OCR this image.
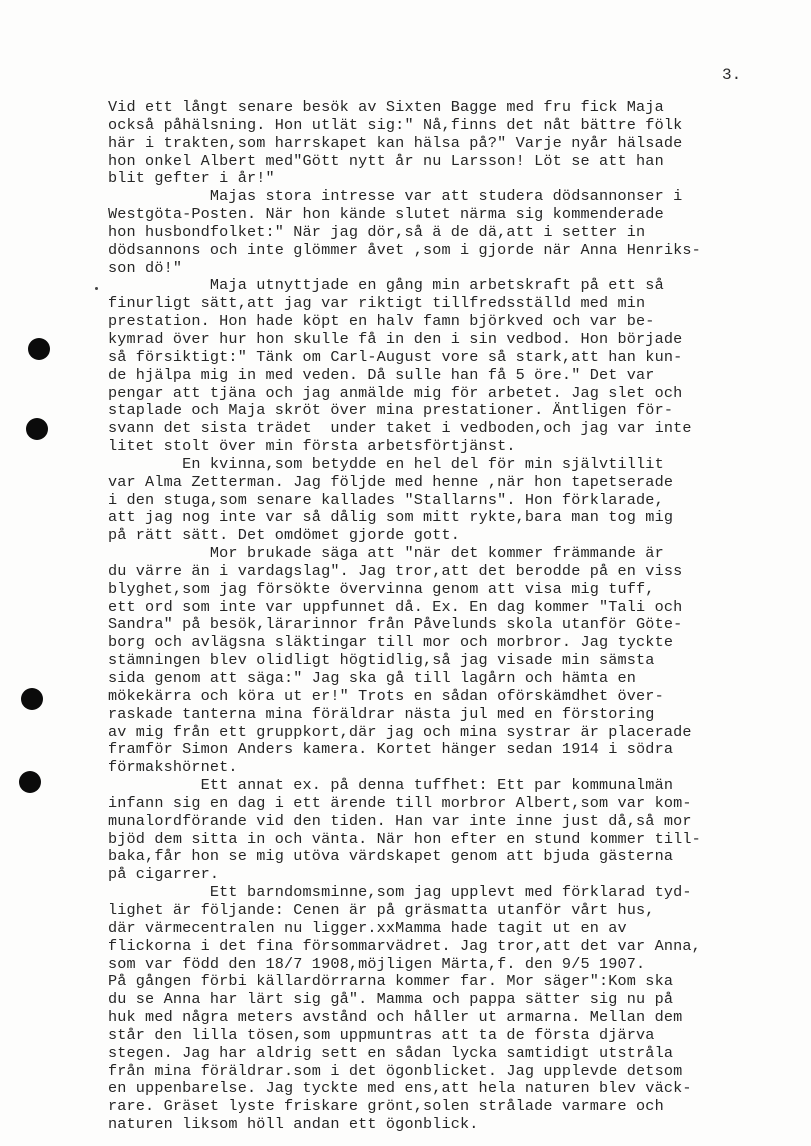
3.
Vid ett långt senare besök av Sixten Bagge med fru fick Maja
också påhälsning. Hon utlät sig:" Nå,finns det nåt bättre fölk
här i trakten,som harrskapet kan hälsa på?" Varje nyår hälsade
hon onkel Albert med"Gött nytt år nu Larsson! Löt se att han
blit gefter i år!"
Majas stora intresse var att studera dödsannonser i
Westgöta-Posten. När hon kände slutet närma sig kommenderade
hon husbondfolket:" När jag dör,så ä de dä,att i setter in
dödsannons och inte glömmer åvet ,som i gjorde när Anna Henriks-
son dö!"
Maja utnyttjade en gång min arbetskraft på ett så
finurligt sätt,att jag var riktigt tillfredsställd med min
prestation. Hon hade köpt en halv famn björkved och var be-
kymrad över hur hon skulle få in den i sin vedbod. Hon började
så försiktigt:" Tänk om Carl-August vore så stark,att han kun-
de hjälpa mig in med veden. Då sulle han få 5 öre." Det var
pengar att tjäna och jag anmälde mig för arbetet. Jag slet och
staplade och Maja skröt över mina prestationer. Äntligen för-
svann det sista trädet  under taket i vedboden,och jag var inte
litet stolt över min första arbetsförtjänst.
En kvinna,som betydde en hel del för min självtillit
var Alma Zetterman. Jag följde med henne ,när hon tapetserade
i den stuga,som senare kallades "Stallarns". Hon förklarade,
att jag nog inte var så dålig som mitt rykte,bara man tog mig
på rätt sätt. Det omdömet gjorde gott.
Mor brukade säga att "när det kommer främmande är
du värre än i vardagslag". Jag tror,att det berodde på en viss
blyghet,som jag försökte övervinna genom att visa mig tuff,
ett ord som inte var uppfunnet då. Ex. En dag kommer "Tali och
Sandra" på besök,lärarinnor från Påvelunds skola utanför Göte-
borg och avlägsna släktingar till mor och morbror. Jag tyckte
stämningen blev olidligt högtidlig,så jag visade min sämsta
sida genom att säga:" Jag ska gå till lagårn och hämta en
mökekärra och köra ut er!" Trots en sådan oförskämdhet över-
raskade tanterna mina föräldrar nästa jul med en förstoring
av mig från ett gruppkort,där jag och mina systrar är placerade
framför Simon Anders kamera. Kortet hänger sedan 1914 i södra
förmakshörnet.
Ett annat ex. på denna tuffhet: Ett par kommunalmän
infann sig en dag i ett ärende till morbror Albert,som var kom-
munalordförande vid den tiden. Han var inte inne just då,så mor
bjöd dem sitta in och vänta. När hon efter en stund kommer till-
baka,får hon se mig utöva värdskapet genom att bjuda gästerna
på cigarrer.
Ett barndomsminne,som jag upplevt med förklarad tyd-
lighet är följande: Cenen är på gräsmatta utanför vårt hus,
där värmecentralen nu ligger.xxMamma hade tagit ut en av
flickorna i det fina försommarvädret. Jag tror,att det var Anna,
som var född den 18/7 1908,möjligen Märta,f. den 9/5 1907.
På gången förbi källardörrarna kommer far. Mor säger":Kom ska
du se Anna har lärt sig gå". Mamma och pappa sätter sig nu på
huk med några meters avstånd och håller ut armarna. Mellan dem
står den lilla tösen,som uppmuntras att ta de första djärva
stegen. Jag har aldrig sett en sådan lycka samtidigt utstråla
från mina föräldrar.som i det ögonblicket. Jag upplevde detsom
en uppenbarelse. Jag tyckte med ens,att hela naturen blev väck-
rare. Gräset lyste friskare grönt,solen strålade varmare och
naturen liksom höll andan ett ögonblick.
